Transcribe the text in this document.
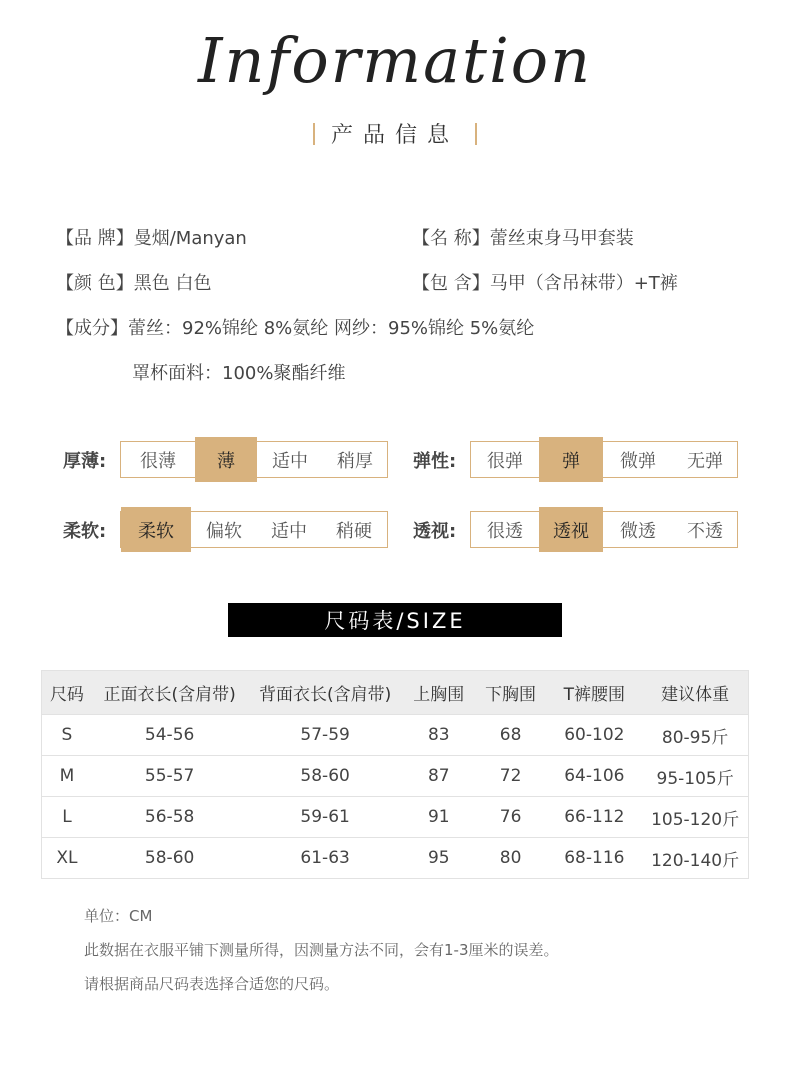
Information
产品信息
【品 牌】曼烟/Manyan	【名 称】蕾丝束身马甲套装
【颜 色】黑色 白色	【包 含】马甲（含吊袜带）+T裤
【成分】蕾丝：92%锦纶 8%氨纶 网纱：95%锦纶 5%氨纶
罩杯面料：100%聚酯纤维
厚薄:	很薄	薄	适中	稍厚	弹性:	很弹	弹	微弹	无弹
柔软:	柔软	偏软	适中	稍硬	透视:	很透	透视	微透	不透
尺码表/SIZE
尺码	正面衣长(含肩带)	背面衣长(含肩带)	上胸围	下胸围	T裤腰围	建议体重
S	54-56	57-59	83	68	60-102	80-95斤
M	55-57	58-60	87	72	64-106	95-105斤
L	56-58	59-61	91	76	66-112	105-120斤
XL	58-60	61-63	95	80	68-116	120-140斤
单位：CM
此数据在衣服平铺下测量所得，因测量方法不同，会有1-3厘米的误差。
请根据商品尺码表选择合适您的尺码。
